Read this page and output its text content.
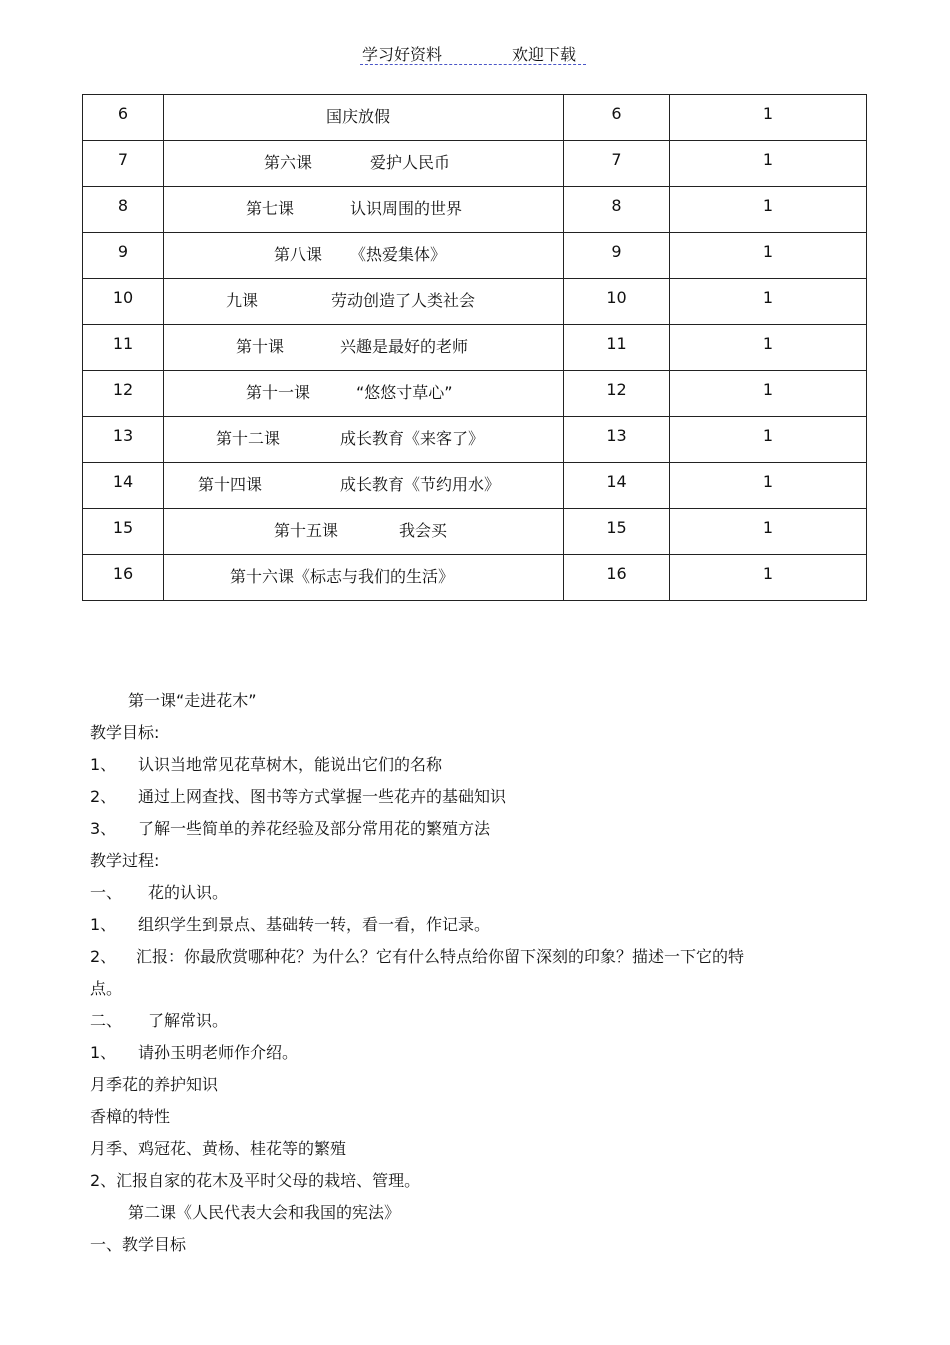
学习好资料	欢迎下载
6	国庆放假	6	1
7	第六课 爱护人民币	7	1
8	第七课 认识周围的世界	8	1
9	第八课 《热爱集体》	9	1
10	九课 劳动创造了人类社会	10	1
11	第十课 兴趣是最好的老师	11	1
12	第十一课 “悠悠寸草心”	12	1
13	第十二课 成长教育《来客了》	13	1
14	第十四课 成长教育《节约用水》	14	1
15	第十五课 我会买	15	1
16	第十六课《标志与我们的生活》	16	1
第一课“走进花木”
教学目标:
1、 认识当地常见花草树木，能说出它们的名称
2、 通过上网查找、图书等方式掌握一些花卉的基础知识
3、 了解一些简单的养花经验及部分常用花的繁殖方法
教学过程:
一、 花的认识。
1、 组织学生到景点、基础转一转，看一看，作记录。
2、 汇报：你最欣赏哪种花？为什么？它有什么特点给你留下深刻的印象？描述一下它的特
点。
二、 了解常识。
1、 请孙玉明老师作介绍。
月季花的养护知识
香樟的特性
月季、鸡冠花、黄杨、桂花等的繁殖
2、汇报自家的花木及平时父母的栽培、管理。
第二课《人民代表大会和我国的宪法》
一、教学目标
